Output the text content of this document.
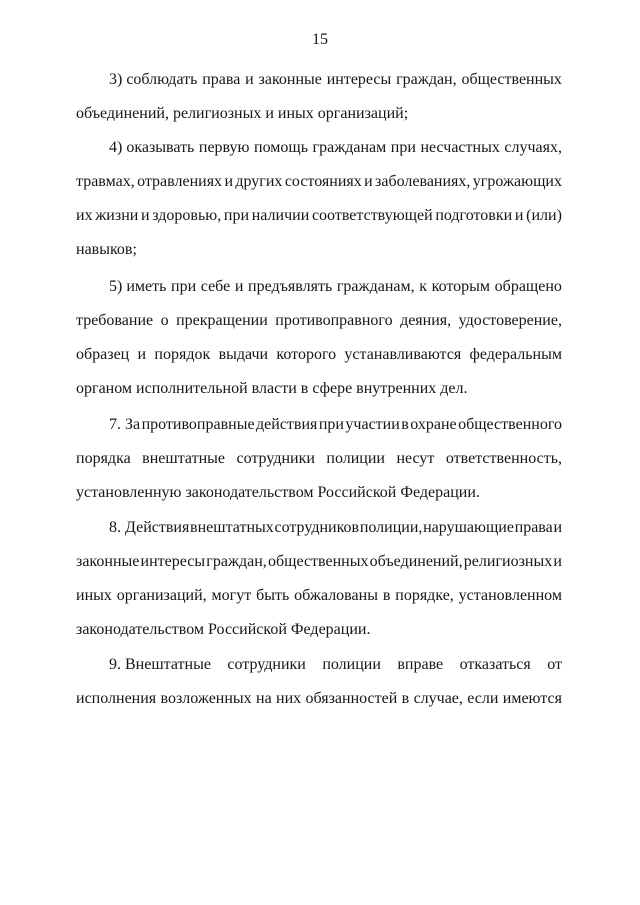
15
3) соблюдать права и законные интересы граждан, общественных
объединений, религиозных и иных организаций;
4) оказывать первую помощь гражданам при несчастных случаях,
травмах, отравлениях и других состояниях и заболеваниях, угрожающих
их жизни и здоровью, при наличии соответствующей подготовки и (или)
навыков;
5) иметь при себе и предъявлять гражданам, к которым обращено
требование о прекращении противоправного деяния, удостоверение,
образец и порядок выдачи которого устанавливаются федеральным
органом исполнительной власти в сфере внутренних дел.
7. За противоправные действия при участии в охране общественного
порядка внештатные сотрудники полиции несут ответственность,
установленную законодательством Российской Федерации.
8. Действия внештатных сотрудников полиции, нарушающие права и
законные интересы граждан, общественных объединений, религиозных и
иных организаций, могут быть обжалованы в порядке, установленном
законодательством Российской Федерации.
9. Внештатные сотрудники полиции вправе отказаться от
исполнения возложенных на них обязанностей в случае, если имеются
